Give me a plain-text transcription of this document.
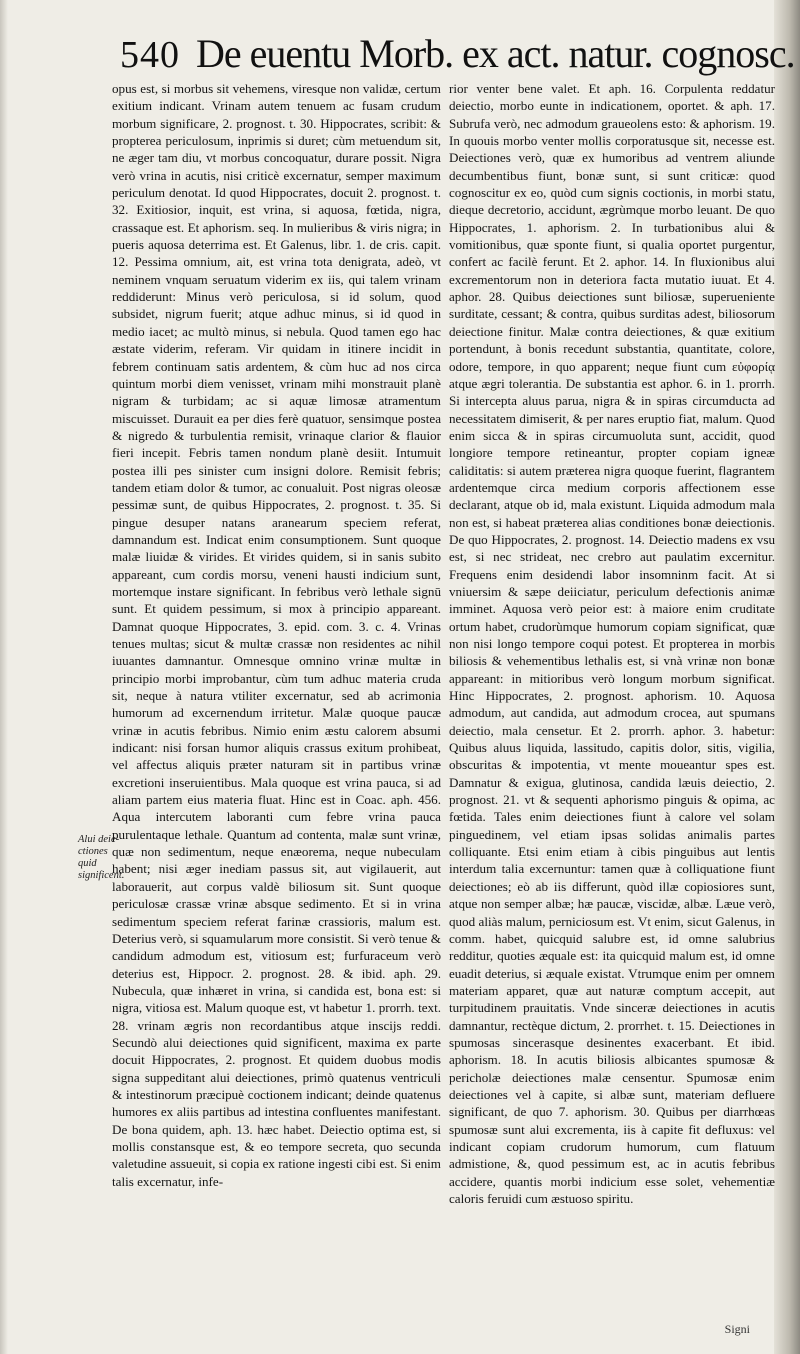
540 De euentu Morb. ex act. natur. cognosc.
Alui deie-ctiones quid significent.

opus est, si morbus sit vehemens, viresque non validæ, certum exitium indicant. Vrinam autem tenuem ac fusam crudum morbum significare, 2. prognost. t. 30. Hippocrates, scribit: & propterea periculosum, inprimis si duret; cùm metuendum sit, ne æger tam diu, vt morbus concoquatur, durare possit. Nigra verò vrina in acutis, nisi criticè excernatur, semper maximum periculum denotat. Id quod Hippocrates, docuit 2. prognost. t. 32. Exitiosior, inquit, est vrina, si aquosa, fœtida, nigra, crassaque est. Et aphorism. seq. In mulieribus & viris nigra; in pueris aquosa deterrima est. Et Galenus, libr. 1. de cris. capit. 12. Pessima omnium, ait, est vrina tota denigrata, adeò, vt neminem vnquam seruatum viderim ex iis, qui talem vrinam reddiderunt: Minus verò periculosa, si id solum, quod subsidet, nigrum fuerit; atque adhuc minus, si id quod in medio iacet; ac multò minus, si nebula. Quod tamen ego hac æstate viderim, referam. Vir quidam in itinere incidit in febrem continuam satis ardentem, & cùm huc ad nos circa quintum morbi diem venisset, vrinam mihi monstrauit planè nigram & turbidam; ac si aquæ limosæ atramentum miscuisset. Durauit ea per dies ferè quatuor, sensimque postea & nigredo & turbulentia remisit, vrinaque clarior & flauior fieri incepit. Febris tamen nondum planè desiit. Intumuit postea illi pes sinister cum insigni dolore. Remisit febris; tandem etiam dolor & tumor, ac conualuit. Post nigras oleosæ pessimæ sunt, de quibus Hippocrates, 2. prognost. t. 35. Si pingue desuper natans aranearum speciem referat, damnandum est. Indicat enim consumptionem. Sunt quoque malæ liuidæ & virides. Et virides quidem, si in sanis subito appareant, cum cordis morsu, veneni hausti indicium sunt, mortemque instare significant. In febribus verò lethale signū sunt. Et quidem pessimum, si mox à principio appareant. Damnat quoque Hippocrates, 3. epid. com. 3. c. 4. Vrinas tenues multas; sicut & multæ crassæ non residentes ac nihil iuuantes damnantur. Omnesque omnino vrinæ multæ in principio morbi improbantur, cùm tum adhuc materia cruda sit, neque à natura vtiliter excernatur, sed ab acrimonia humorum ad excernendum irritetur. Malæ quoque paucæ vrinæ in acutis febribus. Nimio enim æstu calorem absumi indicant: nisi forsan humor aliquis crassus exitum prohibeat, vel affectus aliquis præter naturam sit in partibus vrinæ excretioni inseruientibus. Mala quoque est vrina pauca, si ad aliam partem eius materia fluat. Hinc est in Coac. aph. 456. Aqua intercutem laboranti cum febre vrina pauca purulentaque lethale. Quantum ad contenta, malæ sunt vrinæ, quæ non sedimentum, neque enæorema, neque nubeculam habent; nisi æger inediam passus sit, aut vigilauerit, aut laborauerit, aut corpus valdè biliosum sit. Sunt quoque periculosæ crassæ vrinæ absque sedimento. Et si in vrina sedimentum speciem referat farinæ crassioris, malum est. Deterius verò, si squamularum more consistit. Si verò tenue & candidum admodum est, vitiosum est; furfuraceum verò deterius est, Hippocr. 2. prognost. 28. & ibid. aph. 29. Nubecula, quæ inhæret in vrina, si candida est, bona est: si nigra, vitiosa est. Malum quoque est, vt habetur 1. prorrh. text. 28. vrinam ægris non recordantibus atque inscijs reddi. Secundò alui deiectiones quid significent, maxima ex parte docuit Hippocrates, 2. prognost. Et quidem duobus modis signa suppeditant alui deiectiones, primò quatenus ventriculi & intestinorum præcipuè coctionem indicant; deinde quatenus humores ex aliis partibus ad intestina confluentes manifestant. De bona quidem, aph. 13. hæc habet. Deiectio optima est, si mollis constansque est, & eo tempore secreta, quo secunda valetudine assueuit, si copia ex ratione ingesti cibi est. Si enim talis excernatur, infe-

rior venter bene valet. Et aph. 16. Corpulenta reddatur deiectio, morbo eunte in indicationem, oportet. & aph. 17. Subrufa verò, nec admodum graueolens esto: & aphorism. 19. In quouis morbo venter mollis corporatusque sit, necesse est. Deiectiones verò, quæ ex humoribus ad ventrem aliunde decumbentibus fiunt, bonæ sunt, si sunt criticæ: quod cognoscitur ex eo, quòd cum signis coctionis, in morbi statu, dieque decretorio, accidunt, ægrùmque morbo leuant. De quo Hippocrates, 1. aphorism. 2. In turbationibus alui & vomitionibus, quæ sponte fiunt, si qualia oportet purgentur, confert ac facilè ferunt. Et 2. aphor. 14. In fluxionibus alui excrementorum non in deteriora facta mutatio iuuat. Et 4. aphor. 28. Quibus deiectiones sunt biliosæ, superueniente surditate, cessant; & contra, quibus surditas adest, biliosorum deiectione finitur. Malæ contra deiectiones, & quæ exitium portendunt, à bonis recedunt substantia, quantitate, colore, odore, tempore, in quo apparent; neque fiunt cum εὐφορίᾳ atque ægri tolerantia. De substantia est aphor. 6. in 1. prorrh. Si intercepta aluus parua, nigra & in spiras circumducta ad necessitatem dimiserit, & per nares eruptio fiat, malum. Quod enim sicca & in spiras circumuoluta sunt, accidit, quod longiore tempore retineantur, propter copiam igneæ caliditatis: si autem præterea nigra quoque fuerint, flagrantem ardentemque circa medium corporis affectionem esse declarant, atque ob id, mala existunt. Liquida admodum mala non est, si habeat præterea alias conditiones bonæ deiectionis. De quo Hippocrates, 2. prognost. 14. Deiectio madens ex vsu est, si nec strideat, nec crebro aut paulatim excernitur. Frequens enim desidendi labor insomninm facit. At si vniuersim & sæpe deiiciatur, periculum defectionis animæ imminet. Aquosa verò peior est: à maiore enim cruditate ortum habet, crudorùmque humorum copiam significat, quæ non nisi longo tempore coqui potest. Et propterea in morbis biliosis & vehementibus lethalis est, si vnà vrinæ non bonæ appareant: in mitioribus verò longum morbum significat. Hinc Hippocrates, 2. prognost. aphorism. 10. Aquosa admodum, aut candida, aut admodum crocea, aut spumans deiectio, mala censetur. Et 2. prorrh. aphor. 3. habetur: Quibus aluus liquida, lassitudo, capitis dolor, sitis, vigilia, obscuritas & impotentia, vt mente moueantur spes est. Damnatur & exigua, glutinosa, candida læuis deiectio, 2. prognost. 21. vt & sequenti aphorismo pinguis & opima, ac fœtida. Tales enim deiectiones fiunt à calore vel solam pinguedinem, vel etiam ipsas solidas animalis partes colliquante. Etsi enim etiam à cibis pinguibus aut lentis interdum talia excernuntur: tamen quæ à colliquatione fiunt deiectiones; eò ab iis differunt, quòd illæ copiosiores sunt, atque non semper albæ; hæ paucæ, viscidæ, albæ. Læue verò, quod aliàs malum, perniciosum est. Vt enim, sicut Galenus, in comm. habet, quicquid salubre est, id omne salubrius redditur, quoties æquale est: ita quicquid malum est, id omne euadit deterius, si æquale existat. Vtrumque enim per omnem materiam apparet, quæ aut naturæ comptum accepit, aut turpitudinem prauitatis. Vnde sinceræ deiectiones in acutis damnantur, rectèque dictum, 2. prorrhet. t. 15. Deiectiones in spumosas sincerasque desinentes exacerbant. Et ibid. aphorism. 18. In acutis biliosis albicantes spumosæ & pericholæ deiectiones malæ censentur. Spumosæ enim deiectiones vel à capite, si albæ sunt, materiam defluere significant, de quo 7. aphorism. 30. Quibus per diarrhœas spumosæ sunt alui excrementa, iis à capite fit defluxus: vel indicant copiam crudorum humorum, cum flatuum admistione, &, quod pessimum est, ac in acutis febribus accidere, quantis morbi indicium esse solet, vehementiæ caloris feruidi cum æstuoso spiritu.

Signi
